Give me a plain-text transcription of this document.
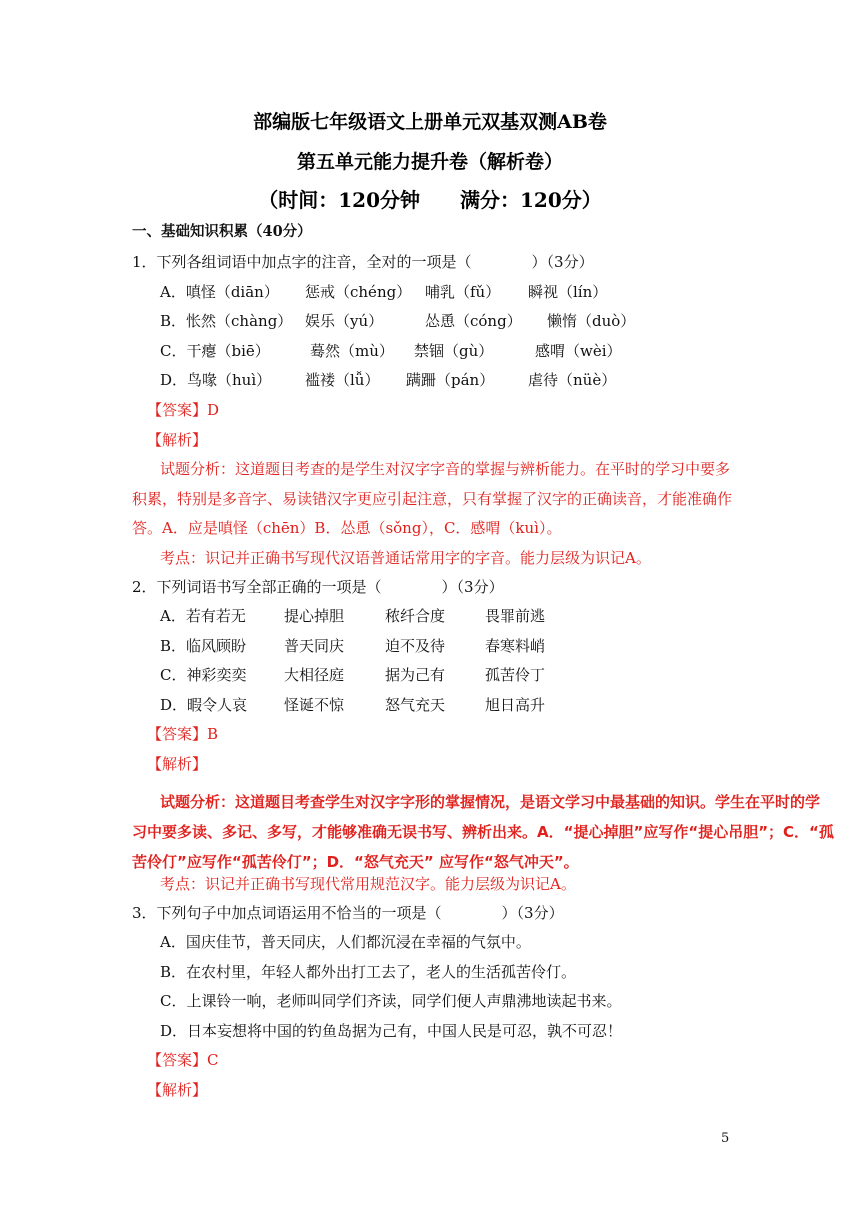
部编版七年级语文上册单元双基双测AB卷
第五单元能力提升卷（解析卷）
（时间：120分钟　　满分：120分）
一、基础知识积累（40分）
1．下列各组词语中加点字的注音，全对的一项是（　　　　）（3分）
A．嗔怪（diān） 惩戒（chéng） 哺乳（fǔ） 瞬视（lín）
B．怅然（chàng） 娱乐（yú）	怂恿（cóng） 懒惰（duò）
C．干瘪（biē）	蓦然（mù） 禁锢（gù）	感喟（wèi）
D．鸟喙（huì） 褴褛（lǚ） 蹒跚（pán） 虐待（nüè）
【答案】D
【解析】
试题分析：这道题目考查的是学生对汉字字音的掌握与辨析能力。在平时的学习中要多
积累，特别是多音字、易读错汉字更应引起注意，只有掌握了汉字的正确读音，才能准确作
答。A．应是嗔怪（chēn）B．怂恿（sǒng），C．感喟（kuì）。
考点：识记并正确书写现代汉语普通话常用字的字音。能力层级为识记A。
2．下列词语书写全部正确的一项是（　　　　）（3分）
A．若有若无	提心掉胆	秾纤合度	畏罪前逃
B．临风顾盼	普天同庆	迫不及待	春寒料峭
C．神彩奕奕	大相径庭	据为己有	孤苦伶丁
D．暇令人哀 怪诞不惊	怒气充天	旭日高升
【答案】B
【解析】
试题分析：这道题目考查学生对汉字字形的掌握情况，是语文学习中最基础的知识。学生在平时的学
习中要多读、多记、多写，才能够准确无误书写、辨析出来。A．“提心掉胆”应写作“提心吊胆”；C．“孤
苦伶仃”应写作“孤苦伶仃”；D．“怒气充天” 应写作“怒气冲天”。
考点：识记并正确书写现代常用规范汉字。能力层级为识记A。
3．下列句子中加点词语运用不恰当的一项是（　　　　）（3分）
A．国庆佳节，普天同庆，人们都沉浸在幸福的气氛中。
B．在农村里，年轻人都外出打工去了，老人的生活孤苦伶仃。
C．上课铃一响，老师叫同学们齐读，同学们便人声鼎沸地读起书来。
D．日本妄想将中国的钓鱼岛据为己有，中国人民是可忍，孰不可忍！
【答案】C
【解析】
5
